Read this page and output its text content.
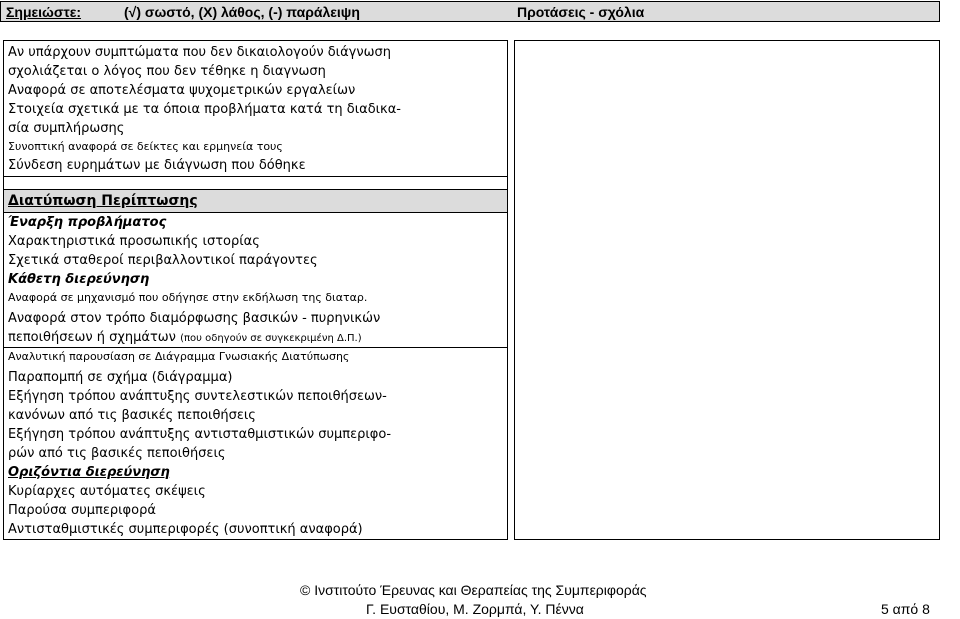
Σημειώστε:	(√) σωστό, (Χ) λάθος, (-) παράλειψη	Προτάσεις - σχόλια
Αν υπάρχουν συμπτώματα που δεν δικαιολογούν διάγνωση
σχολιάζεται ο λόγος που δεν τέθηκε η διαγνωση
Αναφορά σε αποτελέσματα ψυχομετρικών εργαλείων
Στοιχεία σχετικά με τα όποια προβλήματα κατά τη διαδικα-
σία συμπλήρωσης
Συνοπτική αναφορά σε δείκτες και ερμηνεία τους
Σύνδεση ευρημάτων με διάγνωση που δόθηκε
Διατύπωση Περίπτωσης
Έναρξη προβλήματος
Χαρακτηριστικά προσωπικής ιστορίας
Σχετικά σταθεροί περιβαλλοντικοί παράγοντες
Κάθετη διερεύνηση
Αναφορά σε μηχανισμό που οδήγησε στην εκδήλωση της διαταρ.
Αναφορά στον τρόπο διαμόρφωσης βασικών - πυρηνικών
πεποιθήσεων ή σχημάτων (που οδηγούν σε συγκεκριμένη Δ.Π.)
Αναλυτική παρουσίαση σε Διάγραμμα Γνωσιακής Διατύπωσης
Παραπομπή σε σχήμα (διάγραμμα)
Εξήγηση τρόπου ανάπτυξης συντελεστικών πεποιθήσεων-
κανόνων από τις βασικές πεποιθήσεις
Εξήγηση τρόπου ανάπτυξης αντισταθμιστικών συμπεριφο-
ρών από τις βασικές πεποιθήσεις
Οριζόντια διερεύνηση
Κυρίαρχες αυτόματες σκέψεις
Παρούσα συμπεριφορά
Αντισταθμιστικές συμπεριφορές (συνοπτική αναφορά)
© Ινστιτούτο Έρευνας και Θεραπείας της Συμπεριφοράς
Γ. Ευσταθίου, Μ. Ζορμπά, Υ. Πέννα	5 από 8
